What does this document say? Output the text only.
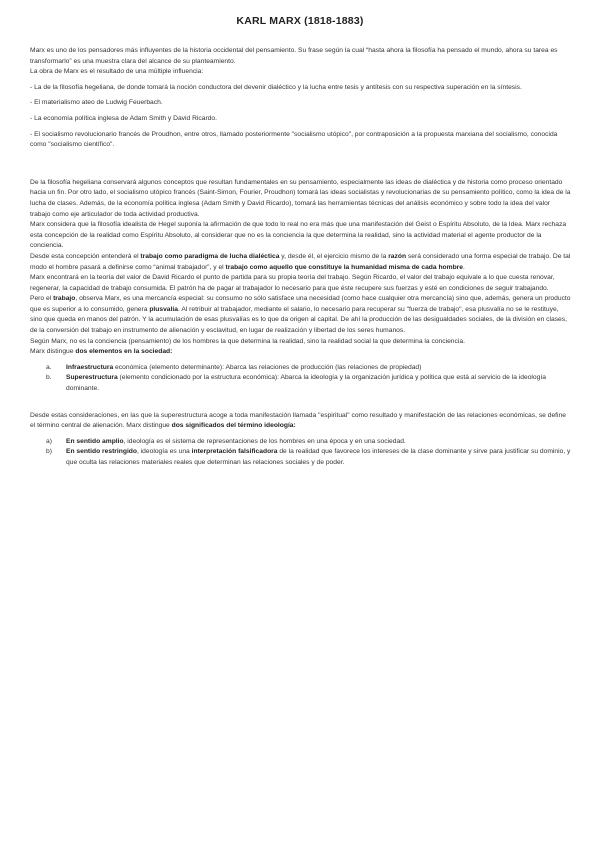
KARL MARX (1818-1883)

Marx es uno de los pensadores más influyentes de la historia occidental del pensamiento. Su frase según la cual “hasta ahora la filosofía ha pensado el mundo, ahora su tarea es transformarlo” es una muestra clara del alcance de su planteamiento.

La obra de Marx es el resultado de una múltiple influencia:

- La de la filosofía hegeliana, de donde tomará la noción conductora del devenir dialéctico y la lucha entre tesis y antítesis con su respectiva superación en la síntesis.

- El materialismo ateo de Ludwig Feuerbach.

- La economía política inglesa de Adam Smith y David Ricardo.

- El socialismo revolucionario francés de Proudhon, entre otros, llamado posteriormente "socialismo utópico", por contraposición a la propuesta marxiana del socialismo, conocida como "socialismo científico".

De la filosofía hegeliana conservará algunos conceptos que resultan fundamentales en su pensamiento, especialmente las ideas de dialéctica y de historia como proceso orientado hacia un fin. Por otro lado, el socialismo utópico francés (Saint-Simon, Fourier, Proudhon) tomará las ideas socialistas y revolucionarias de su pensamiento político, como la idea de la lucha de clases. Además, de la economía política inglesa (Adam Smith y David Ricardo), tomará las herramientas técnicas del análisis económico y sobre todo la idea del valor trabajo como eje articulador de toda actividad productiva.

Marx considera que la filosofía idealista de Hegel suponía la afirmación de que todo lo real no era más que una manifestación del Geist o Espíritu Absoluto, de la Idea. Marx rechaza esta concepción de la realidad como Espíritu Absoluto, al considerar que no es la conciencia la que determina la realidad, sino la actividad material el agente productor de la conciencia.

Desde esta concepción entenderá el trabajo como paradigma de lucha dialéctica y, desde él, el ejercicio mismo de la razón será considerado una forma especial de trabajo. De tal modo el hombre pasará a definirse como “animal trabajador”, y el trabajo como aquello que constituye la humanidad misma de cada hombre.

Marx encontrará en la teoría del valor de David Ricardo el punto de partida para su propia teoría del trabajo. Según Ricardo, el valor del trabajo equivale a lo que cuesta renovar, regenerar, la capacidad de trabajo consumida. El patrón ha de pagar al trabajador lo necesario para que éste recupere sus fuerzas y esté en condiciones de seguir trabajando.

Pero el trabajo, observa Marx, es una mercancía especial: su consumo no sólo satisface una necesidad (como hace cualquier otra mercancía) sino que, además, genera un producto que es superior a lo consumido, genera plusvalía. Al retribuir al trabajador, mediante el salario, lo necesario para recuperar su "fuerza de trabajo", esa plusvalía no se le restituye, sino que queda en manos del patrón. Y la acumulación de esas plusvalías es lo que da origen al capital. De ahí la producción de las desigualdades sociales, de la división en clases, de la conversión del trabajo en instrumento de alienación y esclavitud, en lugar de realización y libertad de los seres humanos.

Según Marx, no es la conciencia (pensamiento) de los hombres la que determina la realidad, sino la realidad social la que determina la conciencia.

Marx distingue dos elementos en la sociedad:

a. Infraestructura económica (elemento determinante): Abarca las relaciones de producción (las relaciones de propiedad)
b. Superestructura (elemento condicionado por la estructura económica): Abarca la ideología y la organización jurídica y política que está al servicio de la ideología dominante.

Desde estas consideraciones, en las que la superestructura acoge a toda manifestación llamada "espiritual" como resultado y manifestación de las relaciones económicas, se define el término central de alienación. Marx distingue dos significados del término ideología:

a) En sentido amplio, ideología es el sistema de representaciones de los hombres en una época y en una sociedad.
b) En sentido restringido, ideología es una interpretación falsificadora de la realidad que favorece los intereses de la clase dominante y sirve para justificar su dominio, y que oculta las relaciones materiales reales que determinan las relaciones sociales y de poder.
